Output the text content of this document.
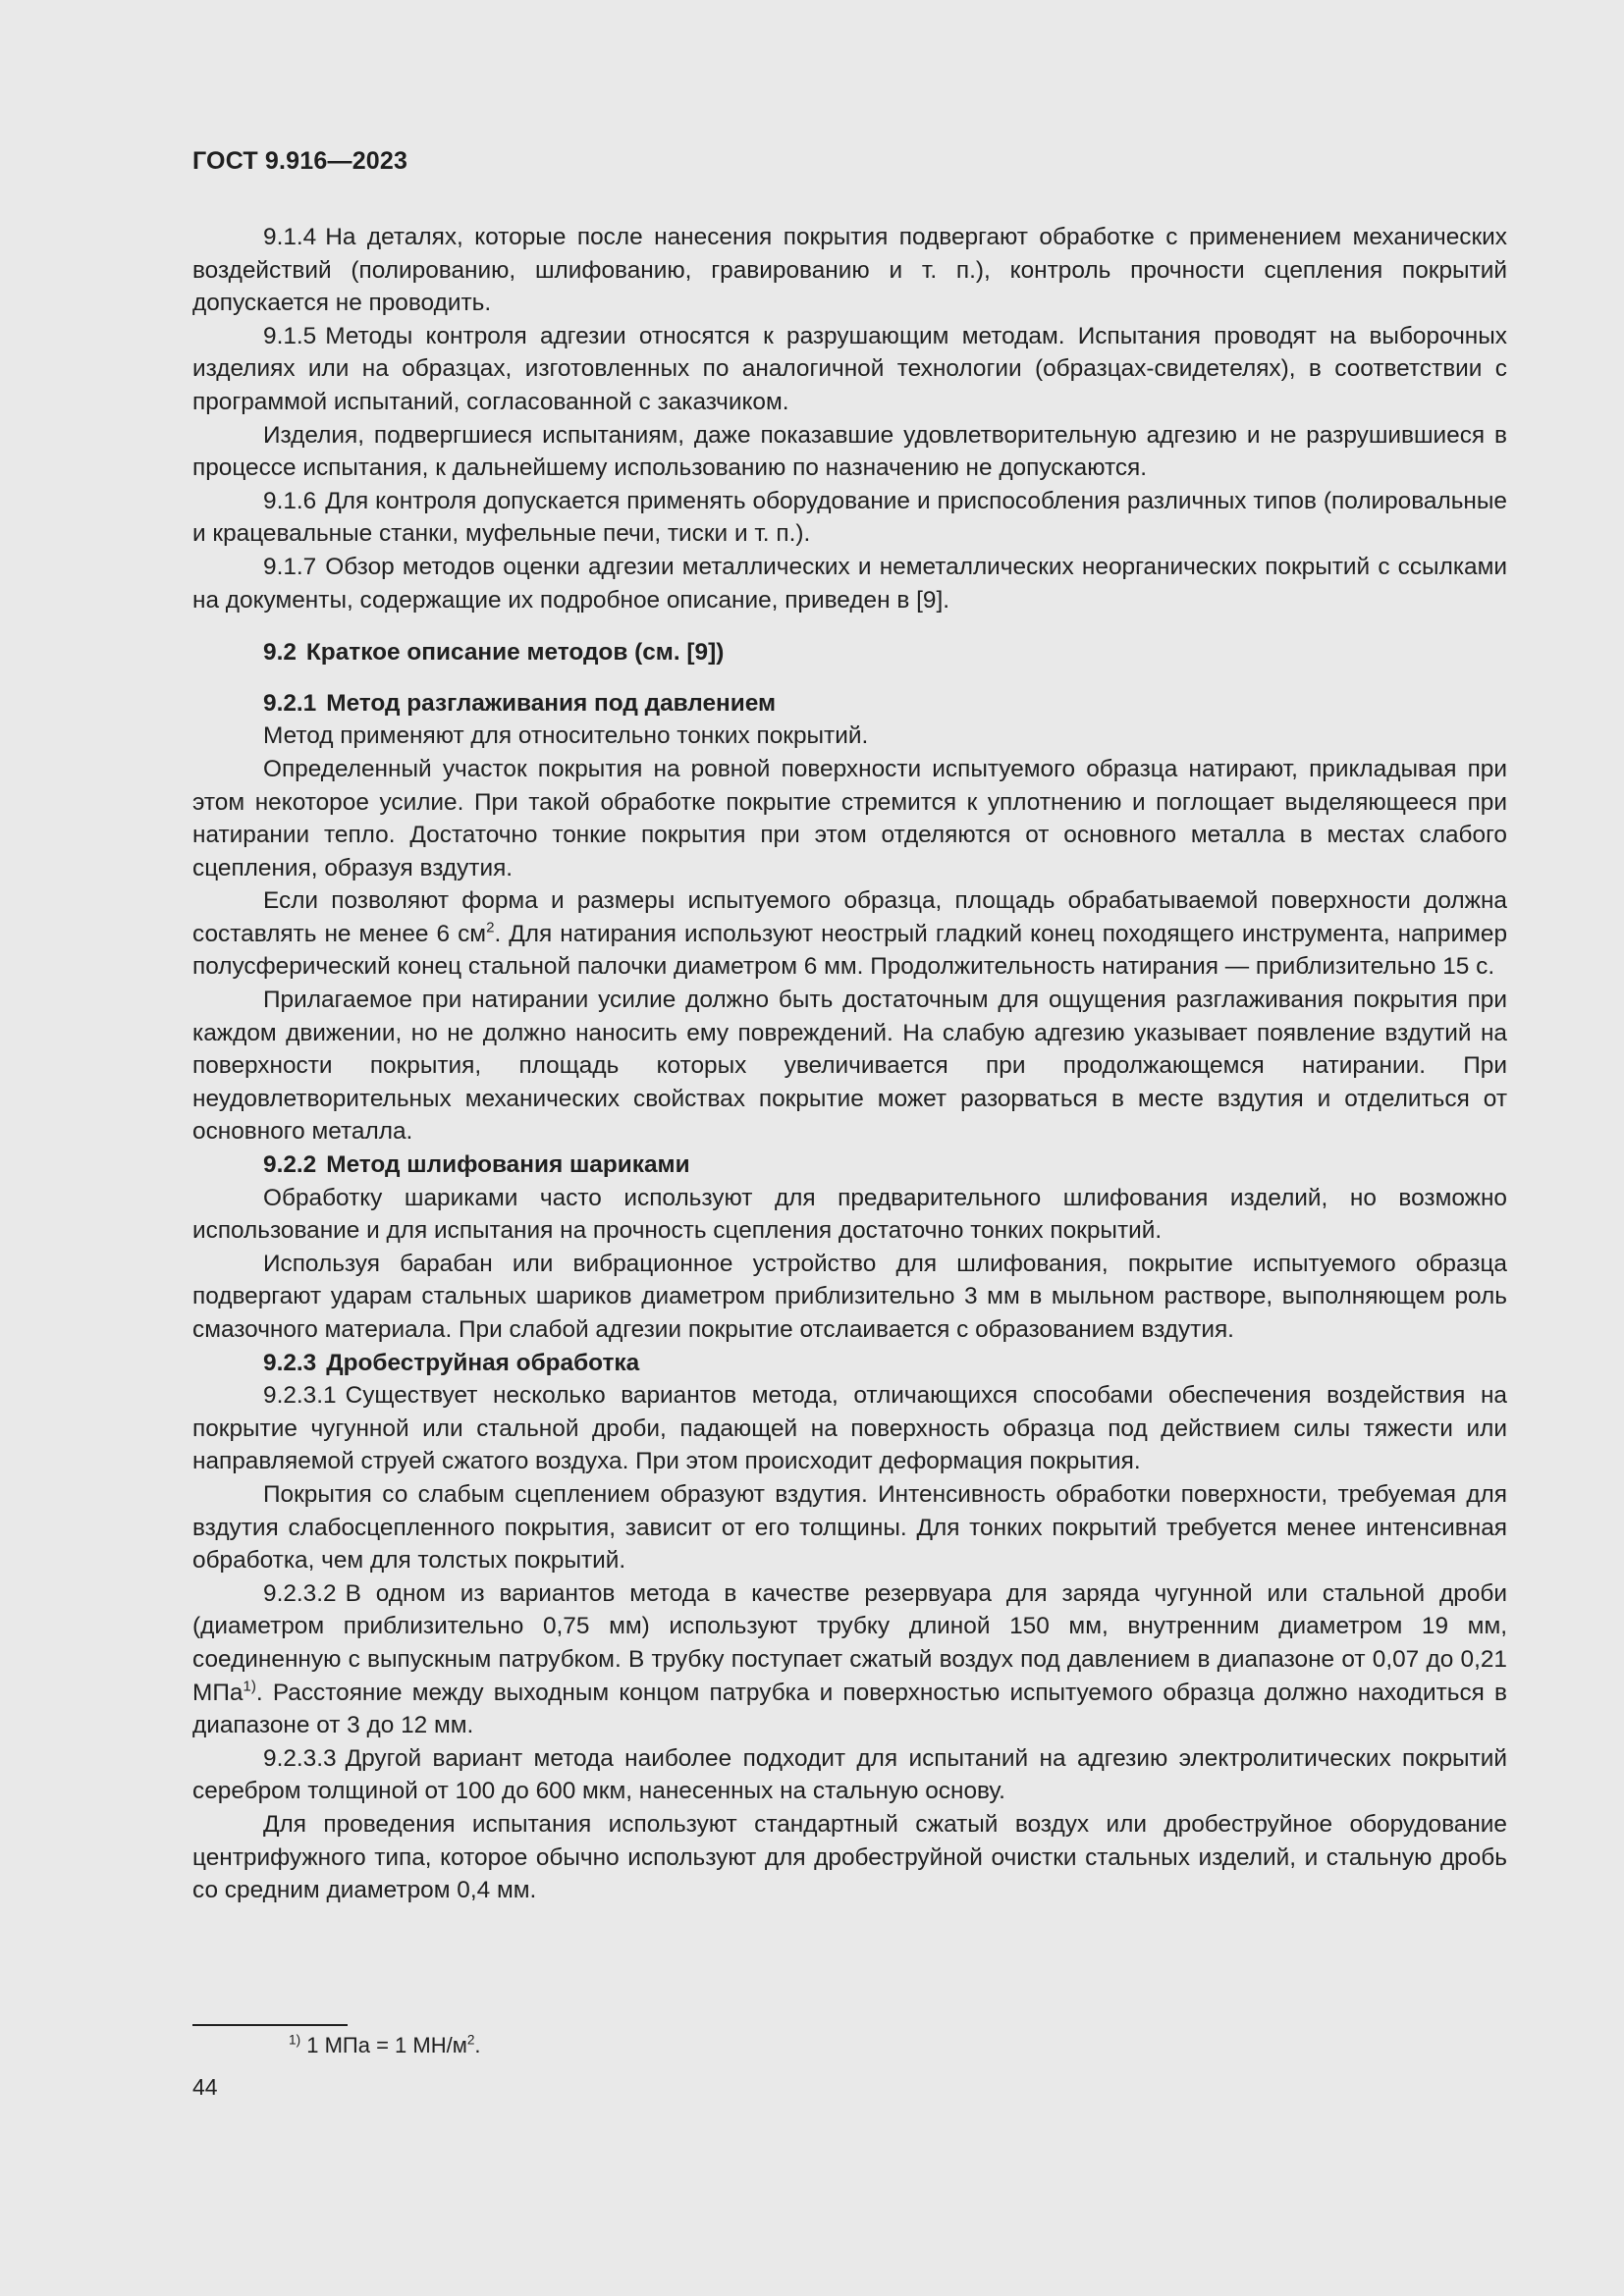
ГОСТ 9.916—2023

9.1.4 На деталях, которые после нанесения покрытия подвергают обработке с применением механических воздействий (полированию, шлифованию, гравированию и т. п.), контроль прочности сцепления покрытий допускается не проводить.

9.1.5 Методы контроля адгезии относятся к разрушающим методам. Испытания проводят на выборочных изделиях или на образцах, изготовленных по аналогичной технологии (образцах-свидетелях), в соответствии с программой испытаний, согласованной с заказчиком.

Изделия, подвергшиеся испытаниям, даже показавшие удовлетворительную адгезию и не разрушившиеся в процессе испытания, к дальнейшему использованию по назначению не допускаются.

9.1.6 Для контроля допускается применять оборудование и приспособления различных типов (полировальные и крацевальные станки, муфельные печи, тиски и т. п.).

9.1.7 Обзор методов оценки адгезии металлических и неметаллических неорганических покрытий с ссылками на документы, содержащие их подробное описание, приведен в [9].

9.2 Краткое описание методов (см. [9])
9.2.1 Метод разглаживания под давлением

Метод применяют для относительно тонких покрытий.

Определенный участок покрытия на ровной поверхности испытуемого образца натирают, прикладывая при этом некоторое усилие. При такой обработке покрытие стремится к уплотнению и поглощает выделяющееся при натирании тепло. Достаточно тонкие покрытия при этом отделяются от основного металла в местах слабого сцепления, образуя вздутия.

Если позволяют форма и размеры испытуемого образца, площадь обрабатываемой поверхности должна составлять не менее 6 $см^2$. Для натирания используют неострый гладкий конец походящего инструмента, например полусферический конец стальной палочки диаметром 6 мм. Продолжительность натирания — приблизительно 15 с.

Прилагаемое при натирании усилие должно быть достаточным для ощущения разглаживания покрытия при каждом движении, но не должно наносить ему повреждений. На слабую адгезию указывает появление вздутий на поверхности покрытия, площадь которых увеличивается при продолжающемся натирании. При неудовлетворительных механических свойствах покрытие может разорваться в месте вздутия и отделиться от основного металла.

9.2.2 Метод шлифования шариками

Обработку шариками часто используют для предварительного шлифования изделий, но возможно использование и для испытания на прочность сцепления достаточно тонких покрытий.

Используя барабан или вибрационное устройство для шлифования, покрытие испытуемого образца подвергают ударам стальных шариков диаметром приблизительно 3 мм в мыльном растворе, выполняющем роль смазочного материала. При слабой адгезии покрытие отслаивается с образованием вздутия.

9.2.3 Дробеструйная обработка

9.2.3.1 Существует несколько вариантов метода, отличающихся способами обеспечения воздействия на покрытие чугунной или стальной дроби, падающей на поверхность образца под действием силы тяжести или направляемой струей сжатого воздуха. При этом происходит деформация покрытия.

Покрытия со слабым сцеплением образуют вздутия. Интенсивность обработки поверхности, требуемая для вздутия слабосцепленного покрытия, зависит от его толщины. Для тонких покрытий требуется менее интенсивная обработка, чем для толстых покрытий.

9.2.3.2 В одном из вариантов метода в качестве резервуара для заряда чугунной или стальной дроби (диаметром приблизительно 0,75 мм) используют трубку длиной 150 мм, внутренним диаметром 19 мм, соединенную с выпускным патрубком. В трубку поступает сжатый воздух под давлением в диапазоне от 0,07 до 0,21 МПа$^{1)}$. Расстояние между выходным концом патрубка и поверхностью испытуемого образца должно находиться в диапазоне от 3 до 12 мм.

9.2.3.3 Другой вариант метода наиболее подходит для испытаний на адгезию электролитических покрытий серебром толщиной от 100 до 600 мкм, нанесенных на стальную основу.

Для проведения испытания используют стандартный сжатый воздух или дробеструйное оборудование центрифужного типа, которое обычно используют для дробеструйной очистки стальных изделий, и стальную дробь со средним диаметром 0,4 мм.

$^{1)}$ 1 МПа = 1 $МН/м^2$.
44
